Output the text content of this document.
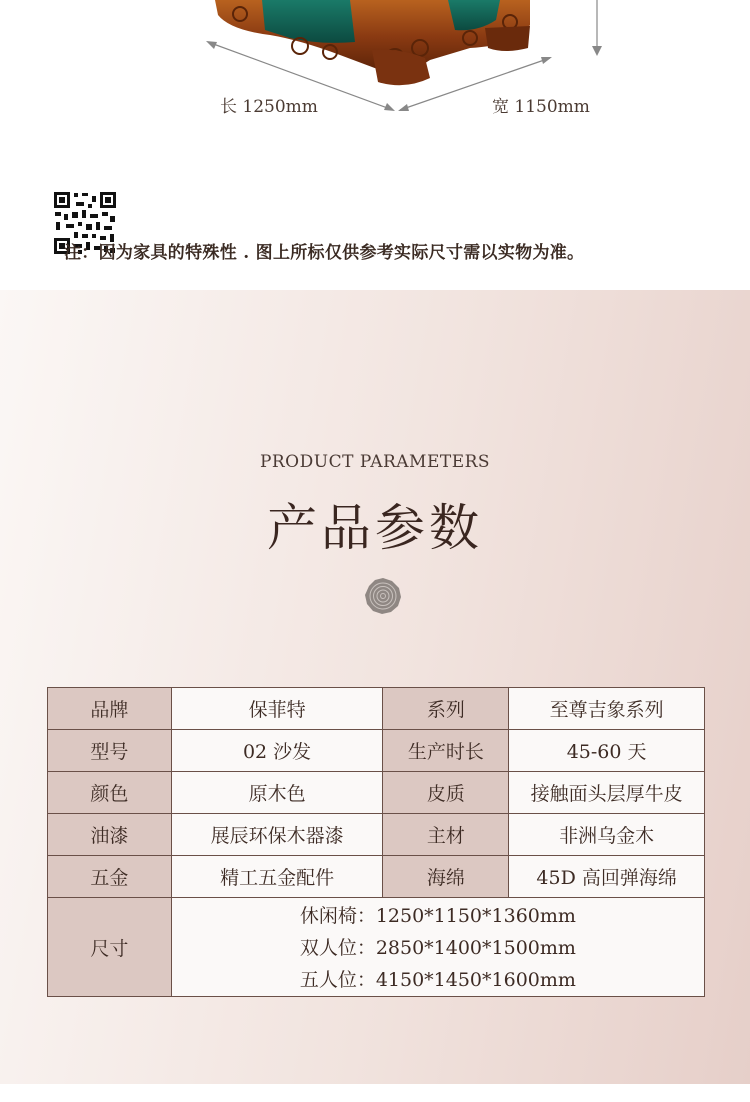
长 1250mm	宽 1150mm
注：因为家具的特殊性 . 图上所标仅供参考实际尺寸需以实物为准。
PRODUCT PARAMETERS
产品参数
品牌	保菲特	系列	至尊吉象系列
型号	02 沙发	生产时长	45-60 天
颜色	原木色	皮质	接触面头层厚牛皮
油漆	展辰环保木器漆	主材	非洲乌金木
五金	精工五金配件	海绵	45D 高回弹海绵
尺寸	休闲椅：1250*1150*1360mm
双人位：2850*1400*1500mm
五人位：4150*1450*1600mm		
